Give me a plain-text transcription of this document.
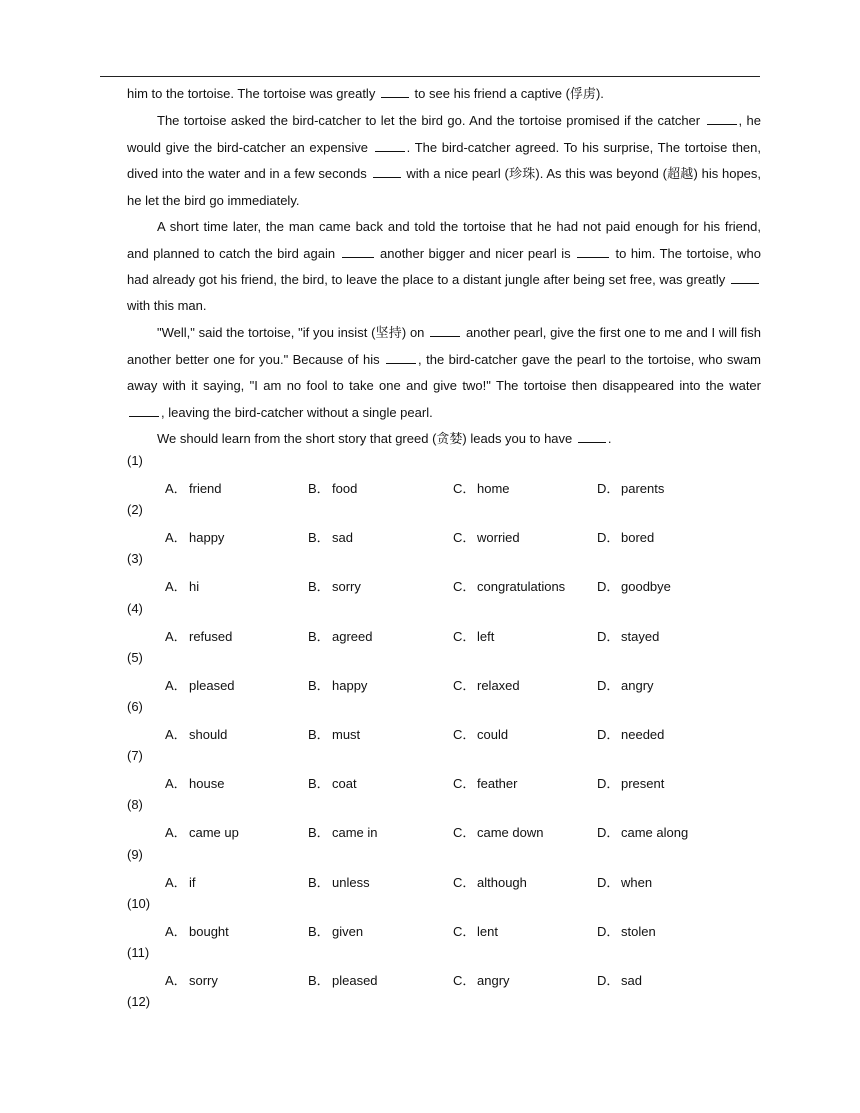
him to the tortoise. The tortoise was greatly  to see his friend a captive (俘虏).

The tortoise asked the bird-catcher to let the bird go. And the tortoise promised if the catcher	, he would give the bird-catcher an expensive	. The bird-catcher agreed. To his surprise, The tortoise then, dived into the water and in a few seconds  with a nice pearl (珍珠). As this was beyond (超越) his hopes, he let the bird go immediately.

A short time later, the man came back and told the tortoise that he had not paid enough for his friend, and planned to catch the bird again	another bigger and nicer pearl is	to him. The tortoise, who had already got his friend, the bird, to leave the place to a distant jungle after being set free, was greatly  with this man.

"Well," said the tortoise, "if you insist (坚持) on	another pearl, give the first one to me and I will fish another better one for you." Because of his	, the bird-catcher gave the pearl to the tortoise, who swam away with it saying, "I am no fool to take one and give two!" The tortoise then disappeared into the water , leaving the bird-catcher without a single pearl.

We should learn from the short story that greed (贪婪) leads you to have .

(1)
A． friend	B． food	C． home	D． parents
(2)
A． happy	B． sad	C． worried	D． bored
(3)
A． hi	B． sorry	C． congratulations D． goodbye
(4)
A． refused	B． agreed	C． left	D． stayed
(5)
A． pleased	B． happy	C． relaxed	D． angry
(6)
A． should	B． must	C． could	D． needed
(7)
A． house	B． coat	C． feather	D． present
(8)
A． came up	B． came in	C． came down	D． came along
(9)
A． if	B． unless	C． although	D． when
(10)
A． bought	B． given	C． lent	D． stolen
(11)
A． sorry	B． pleased	C． angry	D． sad
(12)
